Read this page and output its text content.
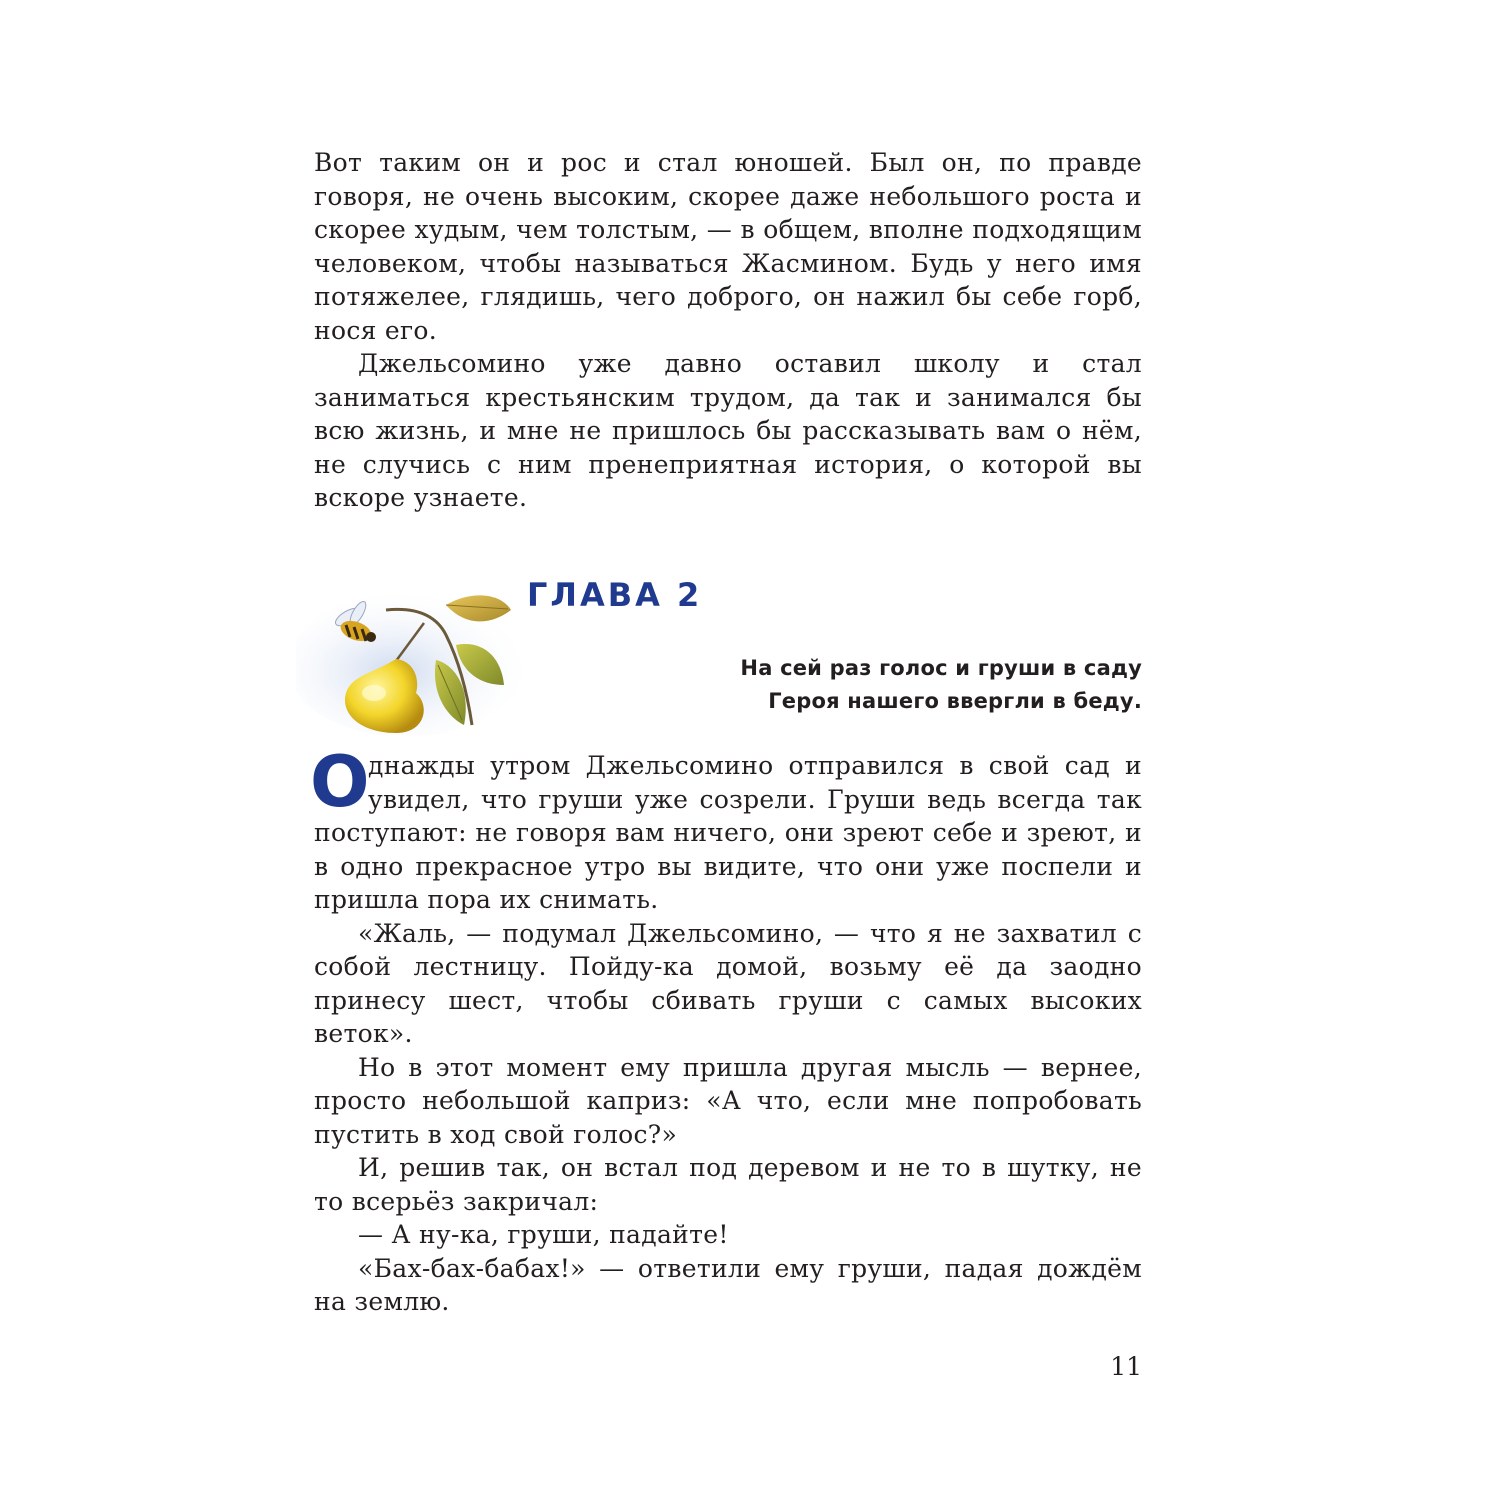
Вот таким он и рос и стал юношей. Был он, по правде говоря, не очень высоким, скорее даже небольшого роста и скорее худым, чем толстым, — в общем, вполне подходящим человеком, чтобы называться Жасмином. Будь у него имя потяжелее, глядишь, чего доброго, он нажил бы себе горб, нося его.

Джельсомино уже давно оставил школу и стал заниматься крестьянским трудом, да так и занимался бы всю жизнь, и мне не пришлось бы рассказывать вам о нём, не случись с ним пренеприятная история, о которой вы вскоре узнаете.

ГЛАВА 2
На сей раз голос и груши в саду
Героя нашего ввергли в беду.

О
днажды утром Джельсомино отправился в свой сад и увидел, что груши уже созрели. Груши ведь всегда так поступают: не говоря вам ничего, они зреют себе и зреют, и в одно прекрасное утро вы видите, что они уже поспели и пришла пора их снимать.

«Жаль, — подумал Джельсомино, — что я не захватил с собой лестницу. Пойду-ка домой, возьму её да заодно принесу шест, чтобы сбивать груши с самых высоких веток».

Но в этот момент ему пришла другая мысль — вернее, просто небольшой каприз: «А что, если мне попробовать пустить в ход свой голос?»

И, решив так, он встал под деревом и не то в шутку, не то всерьёз закричал:

— А ну-ка, груши, падайте!

«Бах-бах-бабах!» — ответили ему груши, падая дождём на землю.

11
